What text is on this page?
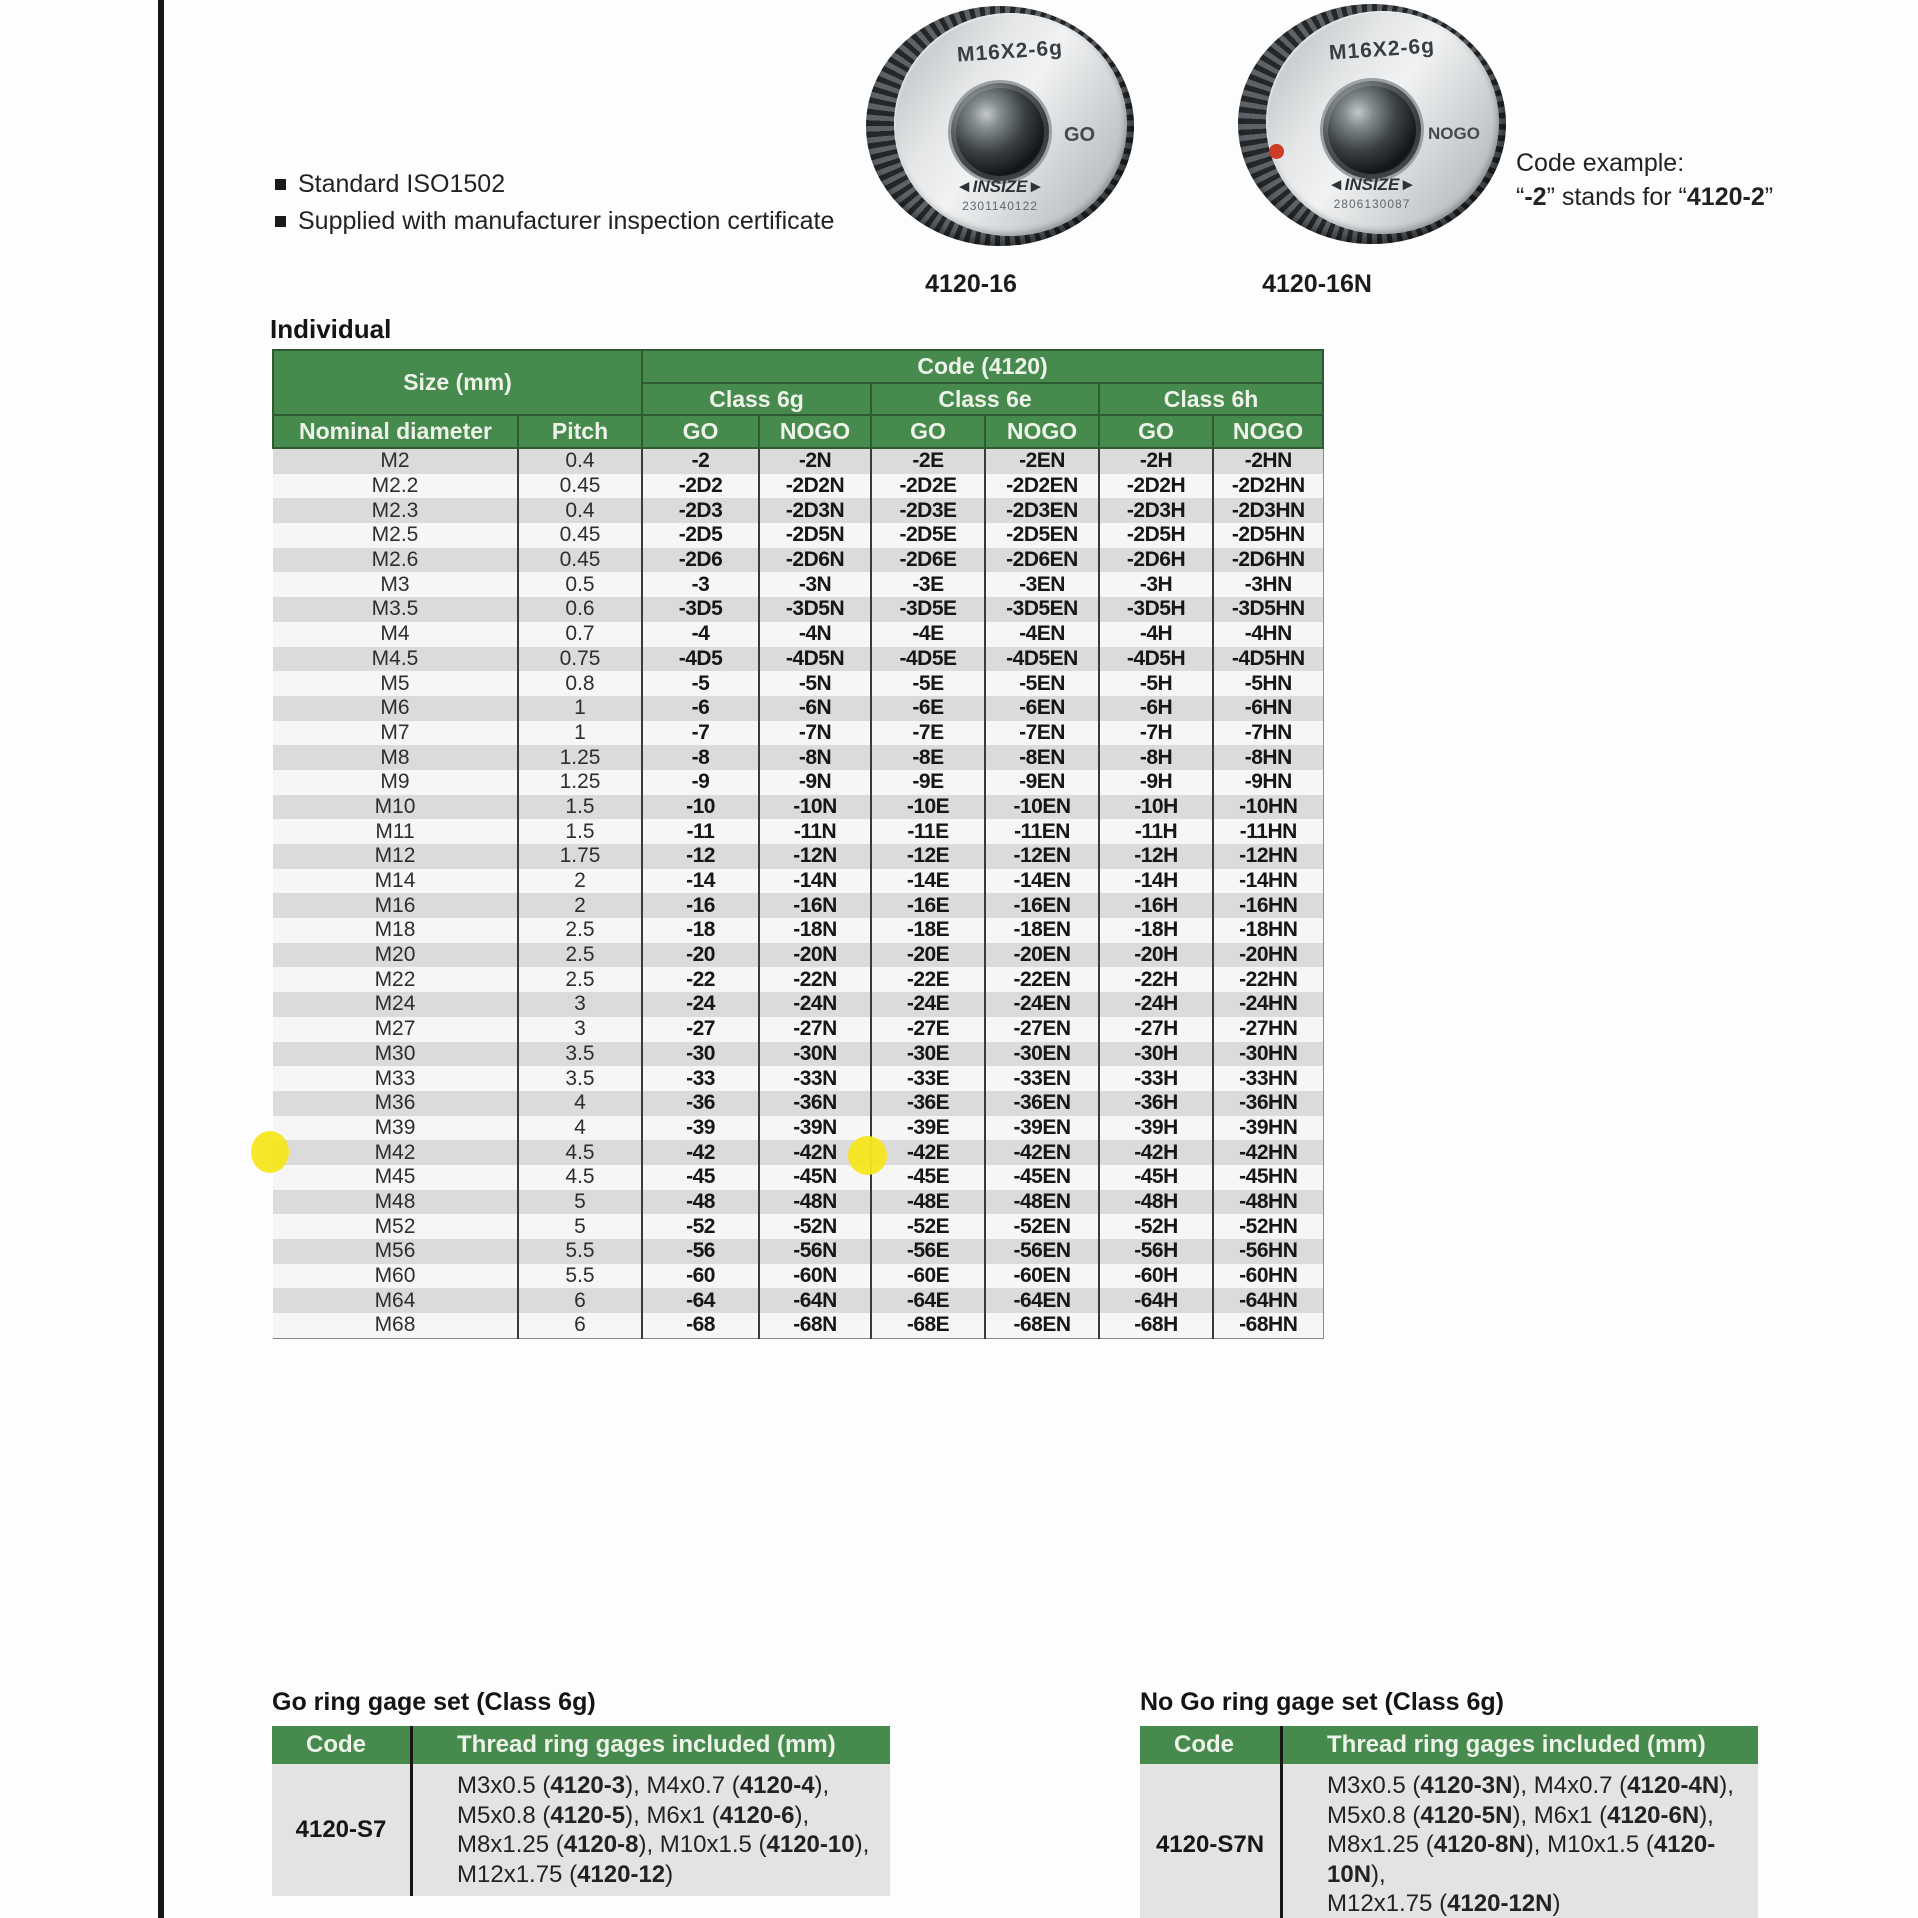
Standard ISO1502
Supplied with manufacturer inspection certificate
M16X2-6g
GO
◄INSIZE►
2301140122
4120-16
M16X2-6g
NOGO
◄INSIZE►
2806130087
4120-16N
Code example:
“-2” stands for “4120-2”
Individual
Size (mm)		Code (4120)					
		Class 6g		Class 6e		Class 6h	
Nominal diameter	Pitch	GO	NOGO	GO	NOGO	GO	NOGO
M2	0.4	-2	-2N	-2E	-2EN	-2H	-2HN
M2.2	0.45	-2D2	-2D2N	-2D2E	-2D2EN	-2D2H	-2D2HN
M2.3	0.4	-2D3	-2D3N	-2D3E	-2D3EN	-2D3H	-2D3HN
M2.5	0.45	-2D5	-2D5N	-2D5E	-2D5EN	-2D5H	-2D5HN
M2.6	0.45	-2D6	-2D6N	-2D6E	-2D6EN	-2D6H	-2D6HN
M3	0.5	-3	-3N	-3E	-3EN	-3H	-3HN
M3.5	0.6	-3D5	-3D5N	-3D5E	-3D5EN	-3D5H	-3D5HN
M4	0.7	-4	-4N	-4E	-4EN	-4H	-4HN
M4.5	0.75	-4D5	-4D5N	-4D5E	-4D5EN	-4D5H	-4D5HN
M5	0.8	-5	-5N	-5E	-5EN	-5H	-5HN
M6	1	-6	-6N	-6E	-6EN	-6H	-6HN
M7	1	-7	-7N	-7E	-7EN	-7H	-7HN
M8	1.25	-8	-8N	-8E	-8EN	-8H	-8HN
M9	1.25	-9	-9N	-9E	-9EN	-9H	-9HN
M10	1.5	-10	-10N	-10E	-10EN	-10H	-10HN
M11	1.5	-11	-11N	-11E	-11EN	-11H	-11HN
M12	1.75	-12	-12N	-12E	-12EN	-12H	-12HN
M14	2	-14	-14N	-14E	-14EN	-14H	-14HN
M16	2	-16	-16N	-16E	-16EN	-16H	-16HN
M18	2.5	-18	-18N	-18E	-18EN	-18H	-18HN
M20	2.5	-20	-20N	-20E	-20EN	-20H	-20HN
M22	2.5	-22	-22N	-22E	-22EN	-22H	-22HN
M24	3	-24	-24N	-24E	-24EN	-24H	-24HN
M27	3	-27	-27N	-27E	-27EN	-27H	-27HN
M30	3.5	-30	-30N	-30E	-30EN	-30H	-30HN
M33	3.5	-33	-33N	-33E	-33EN	-33H	-33HN
M36	4	-36	-36N	-36E	-36EN	-36H	-36HN
M39	4	-39	-39N	-39E	-39EN	-39H	-39HN
M42	4.5	-42	-42N	-42E	-42EN	-42H	-42HN
M45	4.5	-45	-45N	-45E	-45EN	-45H	-45HN
M48	5	-48	-48N	-48E	-48EN	-48H	-48HN
M52	5	-52	-52N	-52E	-52EN	-52H	-52HN
M56	5.5	-56	-56N	-56E	-56EN	-56H	-56HN
M60	5.5	-60	-60N	-60E	-60EN	-60H	-60HN
M64	6	-64	-64N	-64E	-64EN	-64H	-64HN
M68	6	-68	-68N	-68E	-68EN	-68H	-68HN
Go ring gage set (Class 6g)
Code	Thread ring gages included (mm)
4120-S7
M3x0.5 (4120-3), M4x0.7 (4120-4),
M5x0.8 (4120-5), M6x1 (4120-6),
M8x1.25 (4120-8), M10x1.5 (4120-10),
M12x1.75 (4120-12)
No Go ring gage set (Class 6g)
Code	Thread ring gages included (mm)
4120-S7N
M3x0.5 (4120-3N), M4x0.7 (4120-4N),
M5x0.8 (4120-5N), M6x1 (4120-6N),
M8x1.25 (4120-8N), M10x1.5 (4120-10N),
M12x1.75 (4120-12N)
